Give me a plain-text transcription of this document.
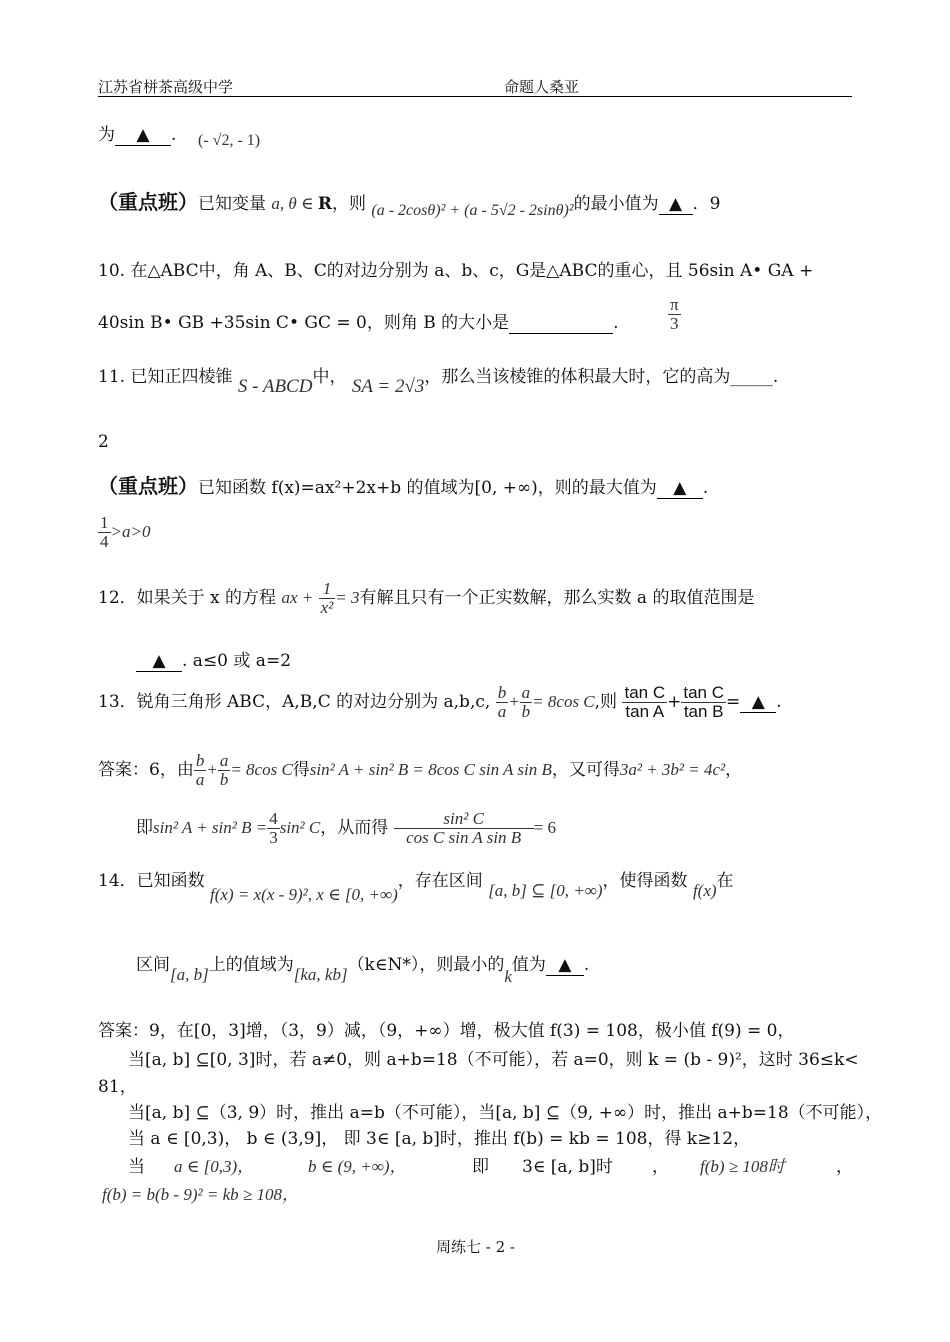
江苏省栟茶高级中学	命题人桑亚
为 ▲ . (- √2, - 1)
（重点班）已知变量 a, θ ∈ R，则 (a - 2cosθ)² + (a - 5√2 - 2sinθ)²的最小值为 ▲ ．9
10. 在△ABC中，角 A、B、C的对边分别为 a、b、c，G是△ABC的重心，且 56sin A• GA +
40sin B• GB +35sin C• GC = 0，则角 B 的大小是	.	$\frac{\pi}{3}$
11. 已知正四棱锥 S - ABCD中， SA = 2√3，那么当该棱锥的体积最大时，它的高为_____.
2
（重点班）已知函数 f(x)=ax²+2x+b 的值域为[0, +∞)，则的最大值为 ▲ .
$\frac{1}{4} >a>0$
12．如果关于 x 的方程 ax + $\frac{1}{\text{x²}} = 3$有解且只有一个正实数解，那么实数 a 的取值范围是
▲ . a≤0 或 a=2
13．锐角三角形 ABC，A,B,C 的对边分别为 a,b,c, $\frac{b}{a} + \frac{a}{b} = 8\cos$ C,则 $\frac{\text{tan C}}{\text{tan A}} + \frac{\text{tan C}}{\text{tan B}}$ = ▲ .
答案：6，由 $\frac{b}{a} + \frac{a}{b} = 8\cos$ C得sin² A + sin² B = 8cos C sin A sin B，又可得3a² + 3b² = 4c²，
即sin² A + sin² $B = \frac{4}{3} \sin^2$ C，从而得 $\frac{\text{sin² C}}{\text{cos C sin A sin B}} = 6$
14．已知函数 f(x) = x(x - 9)², x ∈ [0, +∞)，存在区间 [a, b] ⊆ [0, +∞)，使得函数 f(x)在
区间[a, b]上的值域为[ka, kb]（k∈N*），则最小的k值为 ▲ .
答案：9，在[0，3]增，（3，9）减，（9，+∞）增，极大值 f(3) = 108，极小值 f(9) = 0，
当[a, b] ⊆[0, 3]时，若 a≠0，则 a+b=18（不可能），若 a=0，则 k = (b - 9)²，这时 36≤k<
81，
当[a, b] ⊆（3, 9）时，推出 a=b（不可能），当[a, b] ⊆（9, +∞）时，推出 a+b=18（不可能），
当 a ∈ [0,3)， b ∈ (3,9]， 即 3∈ [a, b]时，推出 f(b) = kb = 108，得 k≥12，
当 a ∈ [0,3)，	b ∈ (9, +∞)，	即 3∈ [a, b]时 ， f(b) ≥ 108时	，
f(b) = b(b - 9)² = kb ≥ 108，
周练七 - 2 -
